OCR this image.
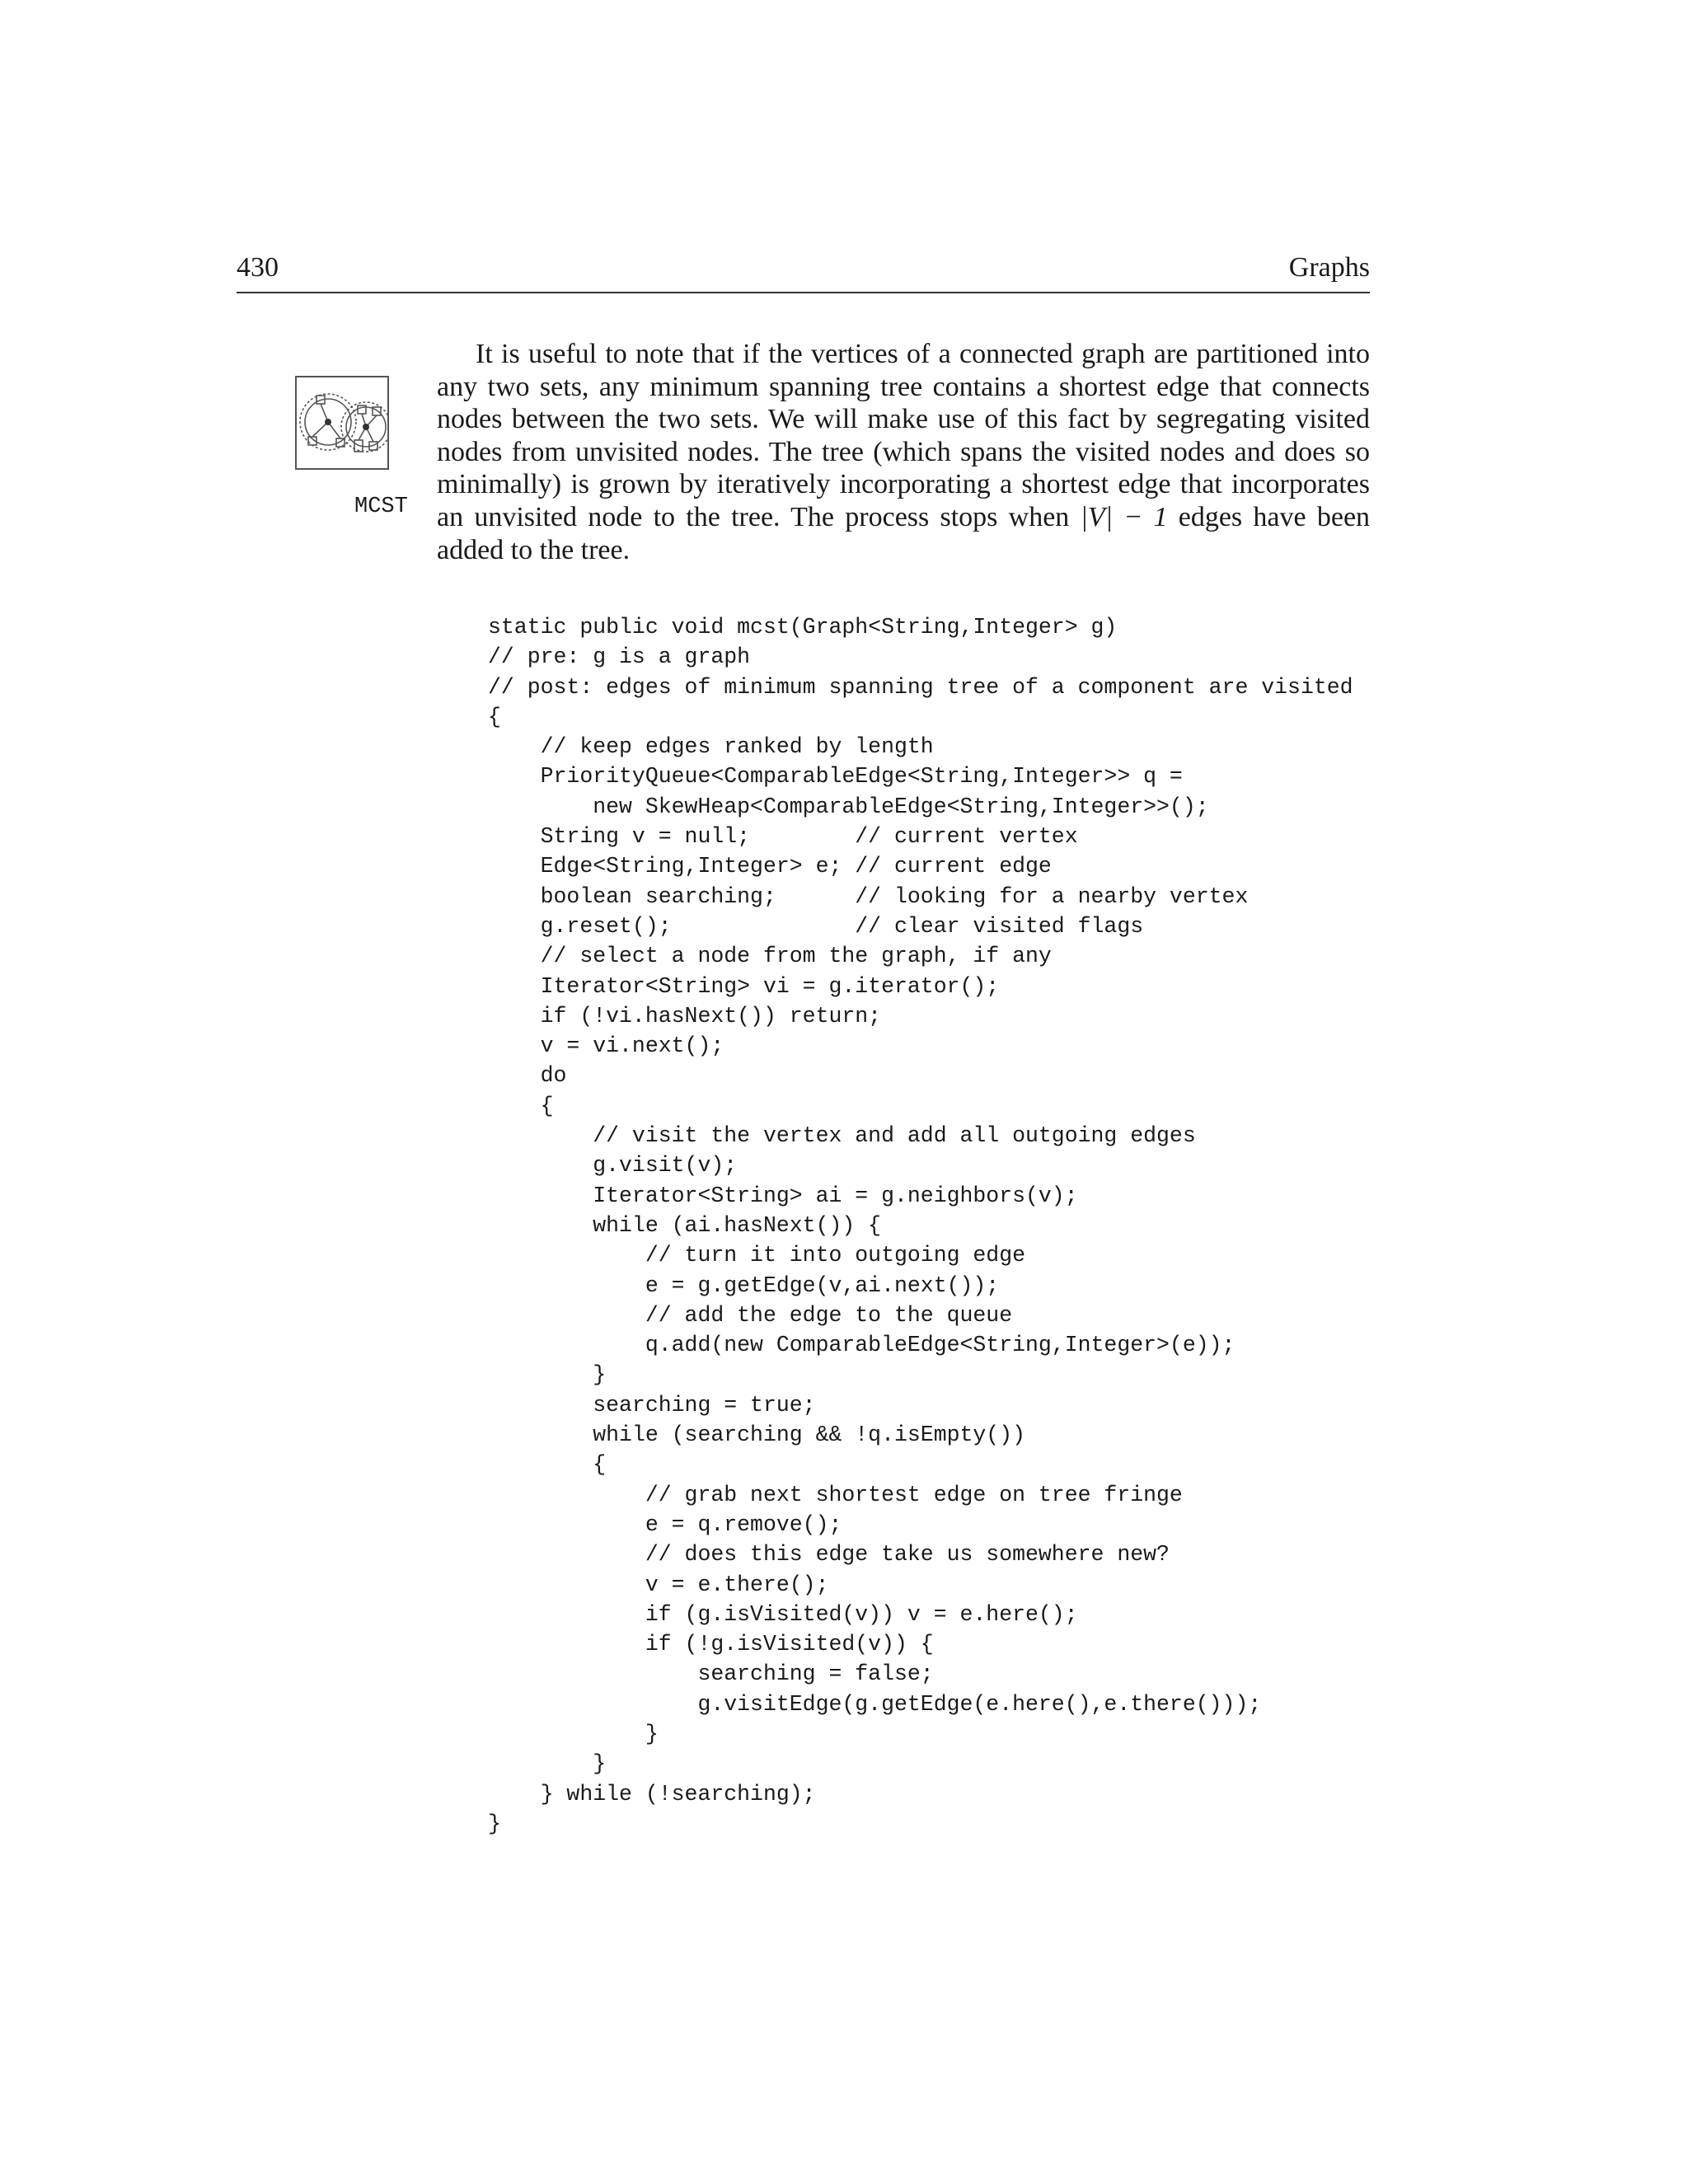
430	Graphs
MCST

It is useful to note that if the vertices of a connected graph are partitioned into any two sets, any minimum spanning tree contains a shortest edge that connects nodes between the two sets. We will make use of this fact by segregating visited nodes from unvisited nodes. The tree (which spans the visited nodes and does so minimally) is grown by iteratively incorporating a shortest edge that incorporates an unvisited node to the tree. The process stops when |V| − 1 edges have been added to the tree.

static public void mcst(Graph<String,Integer> g)
// pre: g is a graph
// post: edges of minimum spanning tree of a component are visited
{
// keep edges ranked by length
PriorityQueue<ComparableEdge<String,Integer>> q =
new SkewHeap<ComparableEdge<String,Integer>>();
String v = null;        // current vertex
Edge<String,Integer> e; // current edge
boolean searching;      // looking for a nearby vertex
g.reset();              // clear visited flags
// select a node from the graph, if any
Iterator<String> vi = g.iterator();
if (!vi.hasNext()) return;
v = vi.next();
do
{
// visit the vertex and add all outgoing edges
g.visit(v);
Iterator<String> ai = g.neighbors(v);
while (ai.hasNext()) {
// turn it into outgoing edge
e = g.getEdge(v,ai.next());
// add the edge to the queue
q.add(new ComparableEdge<String,Integer>(e));
}
searching = true;
while (searching && !q.isEmpty())
{
// grab next shortest edge on tree fringe
e = q.remove();
// does this edge take us somewhere new?
v = e.there();
if (g.isVisited(v)) v = e.here();
if (!g.isVisited(v)) {
searching = false;
g.visitEdge(g.getEdge(e.here(),e.there()));
}
}
} while (!searching);
}
